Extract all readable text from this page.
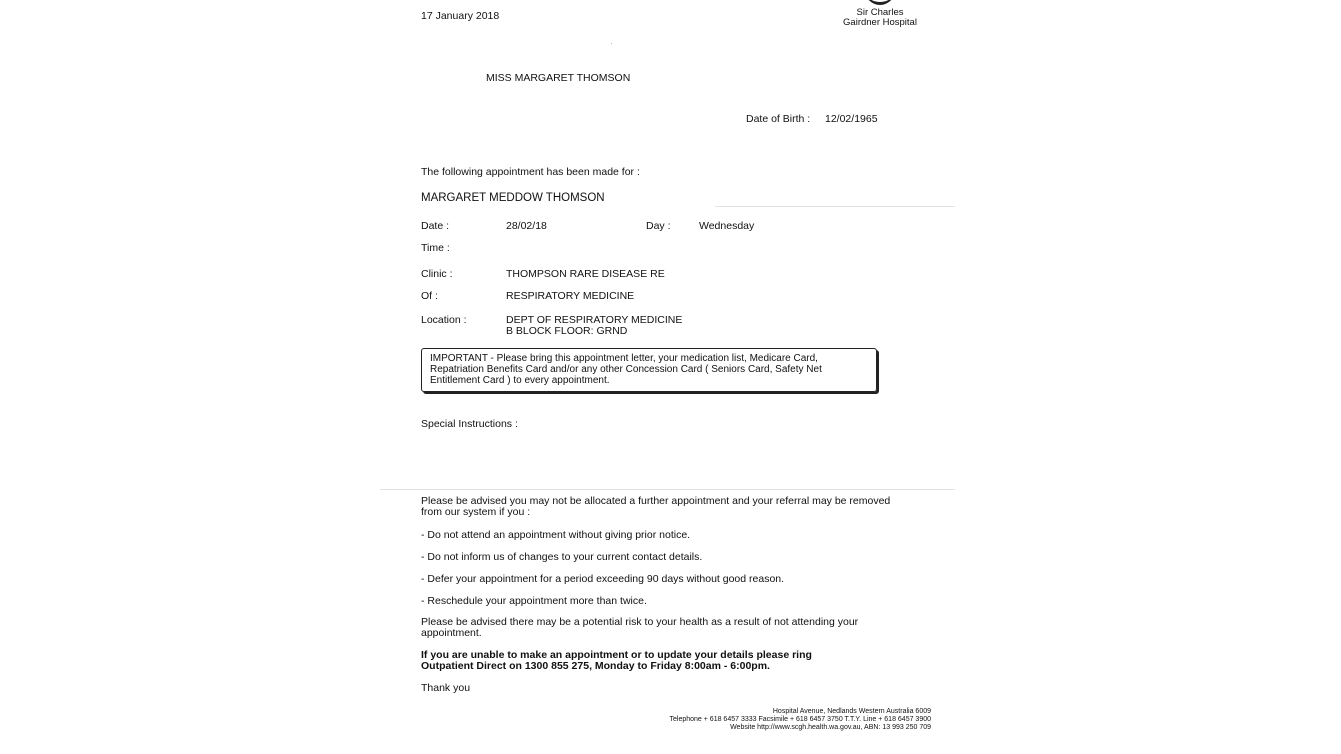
17 January 2018	Sir Charles
Gairdner Hospital
MISS MARGARET THOMSON
Date of Birth : 12/02/1965
The following appointment has been made for :
MARGARET MEDDOW THOMSON
Date :	28/02/18	Day :	Wednesday
Time :
Clinic :	THOMPSON RARE DISEASE RE
Of :	RESPIRATORY MEDICINE
Location :	DEPT OF RESPIRATORY MEDICINE
B BLOCK FLOOR: GRND
IMPORTANT - Please bring this appointment letter, your medication list, Medicare Card, Repatriation Benefits Card and/or any other Concession Card ( Seniors Card, Safety Net Entitlement Card ) to every appointment.
Special Instructions :
Please be advised you may not be allocated a further appointment and your referral may be removed from our system if you :
- Do not attend an appointment without giving prior notice.
- Do not inform us of changes to your current contact details.
- Defer your appointment for a period exceeding 90 days without good reason.
- Reschedule your appointment more than twice.
Please be advised there may be a potential risk to your health as a result of not attending your appointment.
If you are unable to make an appointment or to update your details please ring Outpatient Direct on 1300 855 275, Monday to Friday 8:00am - 6:00pm.
Thank you
Hospital Avenue, Nedlands Western Australia 6009
Telephone + 618 6457 3333 Facsimile + 618 6457 3750 T.T.Y. Line + 618 6457 3900
Website http://www.scgh.health.wa.gov.au, ABN: 13 993 250 709
